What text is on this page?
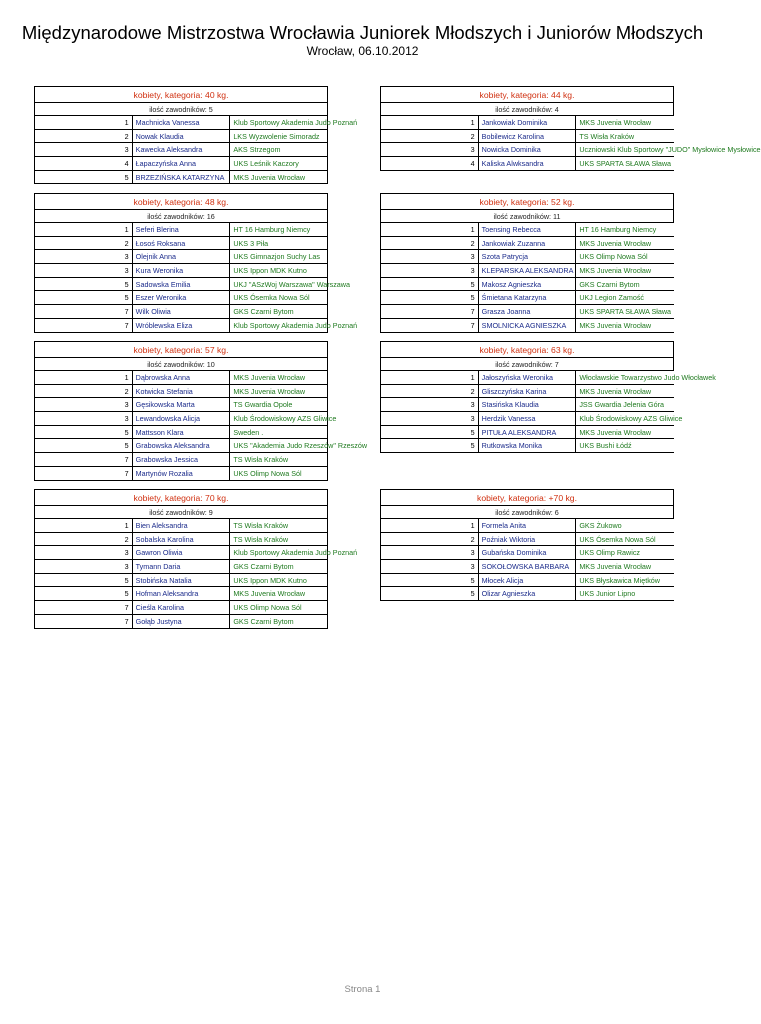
Międzynarodowe Mistrzostwa Wrocławia Juniorek Młodszych i Juniorów Młodszych
Wrocław, 06.10.2012
kobiety, kategoria: 40 kg.		
ilość zawodników: 5		
1	Machnicka Vanessa	Klub Sportowy Akademia Judo Poznań
2	Nowak Klaudia	LKS Wyzwolenie Simoradz
3	Kawecka Aleksandra	AKS Strzegom
4	Łapaczyńska Anna	UKS Leśnik Kaczory
5	BRZEZIŃSKA KATARZYNA	MKS Juvenia Wrocław
kobiety, kategoria: 44 kg.		
ilość zawodników: 4		
1	Jankowiak Dominika	MKS Juvenia Wrocław
2	Bobilewicz Karolina	TS Wisła Kraków
3	Nowicka Dominika	Uczniowski Klub Sportowy "JUDO" Mysłowice Mysłowice
4	Kaliska Alwksandra	UKS SPARTA SŁAWA Sława
kobiety, kategoria: 48 kg.		
ilość zawodników: 16		
1	Seferi Blerina	HT 16 Hamburg Niemcy
2	Łosoś Roksana	UKS 3 Piła
3	Olejnik Anna	UKS Gimnazjon Suchy Las
3	Kura Weronika	UKS Ippon MDK Kutno
5	Sadowska Emilia	UKJ "ASzWoj Warszawa" Warszawa
5	Eszer Weronika	UKS Ósemka Nowa Sól
7	Wilk Oliwia	GKS Czarni Bytom
7	Wróblewska Eliza	Klub Sportowy Akademia Judo Poznań
kobiety, kategoria: 52 kg.		
ilość zawodników: 11		
1	Toensing Rebecca	HT 16 Hamburg Niemcy
2	Jankowiak Zuzanna	MKS Juvenia Wrocław
3	Szota Patrycja	UKS Olimp Nowa Sól
3	KLEPARSKA ALEKSANDRA	MKS Juvenia Wrocław
5	Makosz Agnieszka	GKS Czarni Bytom
5	Śmietana Katarzyna	UKJ Legion Zamość
7	Grasza Joanna	UKS SPARTA SŁAWA Sława
7	SMOLNICKA AGNIESZKA	MKS Juvenia Wrocław
kobiety, kategoria: 57 kg.		
ilość zawodników: 10		
1	Dąbrowska Anna	MKS Juvenia Wrocław
2	Kotwicka Stefania	MKS Juvenia Wrocław
3	Gęsikowska Marta	TS Gwardia Opole
3	Lewandowska Alicja	Klub Środowiskowy AZS Gliwice
5	Mattsson Klara	Sweden .
5	Grabowska Aleksandra	UKS "Akademia Judo Rzeszów" Rzeszów
7	Grabowska Jessica	TS Wisła Kraków
7	Martynów Rozalia	UKS Olimp Nowa Sól
kobiety, kategoria: 63 kg.		
ilość zawodników: 7		
1	Jałoszyńska Weronika	Włocławskie Towarzystwo Judo Włocławek
2	Gliszczyńska Karina	MKS Juvenia Wrocław
3	Stasińska Klaudia	JSS Gwardia Jelenia Góra
3	Herdzik Vanessa	Klub Środowiskowy AZS Gliwice
5	PITUŁA ALEKSANDRA	MKS Juvenia Wrocław
5	Rutkowska Monika	UKS Bushi Łódź
kobiety, kategoria: 70 kg.		
ilość zawodników: 9		
1	Bien Aleksandra	TS Wisła Kraków
2	Sobalska Karolina	TS Wisła Kraków
3	Gawron Oliwia	Klub Sportowy Akademia Judo Poznań
3	Tymann Daria	GKS Czarni Bytom
5	Stobińska Natalia	UKS Ippon MDK Kutno
5	Hofman Aleksandra	MKS Juvenia Wrocław
7	Cieśla Karolina	UKS Olimp Nowa Sól
7	Gołąb Justyna	GKS Czarni Bytom
kobiety, kategoria: +70 kg.		
ilość zawodników: 6		
1	Formela Anita	GKS Żukowo
2	Poźniak Wiktoria	UKS Ósemka Nowa Sól
3	Gubańska Dominika	UKS Olimp Rawicz
3	SOKOŁOWSKA BARBARA	MKS Juvenia Wrocław
5	Młocek Alicja	UKS Błyskawica Miętków
5	Olizar Agnieszka	UKS Junior Lipno
Strona 1
